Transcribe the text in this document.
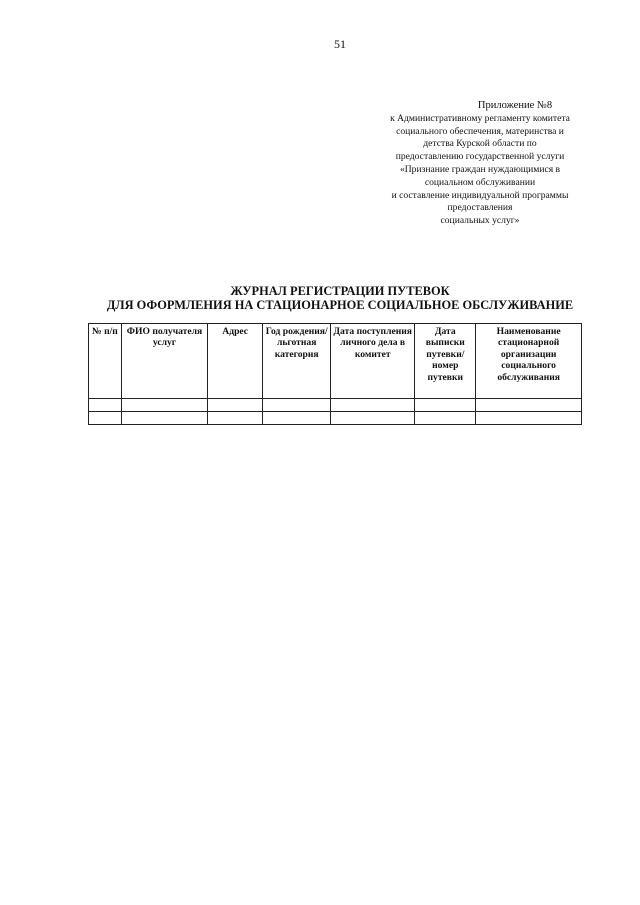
51
Приложение №8
к Административному регламенту комитета
социального обеспечения, материнства и
детства Курской области по
предоставлению государственной услуги
«Признание граждан нуждающимися в
социальном обслуживании
и составление индивидуальной программы
предоставления
социальных услуг»
ЖУРНАЛ РЕГИСТРАЦИИ ПУТЕВОК
ДЛЯ ОФОРМЛЕНИЯ НА СТАЦИОНАРНОЕ СОЦИАЛЬНОЕ ОБСЛУЖИВАНИЕ
№ п/п	ФИО получателя услуг	Адрес	Год рождения/ льготная категория	Дата поступления личного дела в комитет	Дата выписки путевки/ номер путевки	Наименование стационарной организации социального обслуживания
